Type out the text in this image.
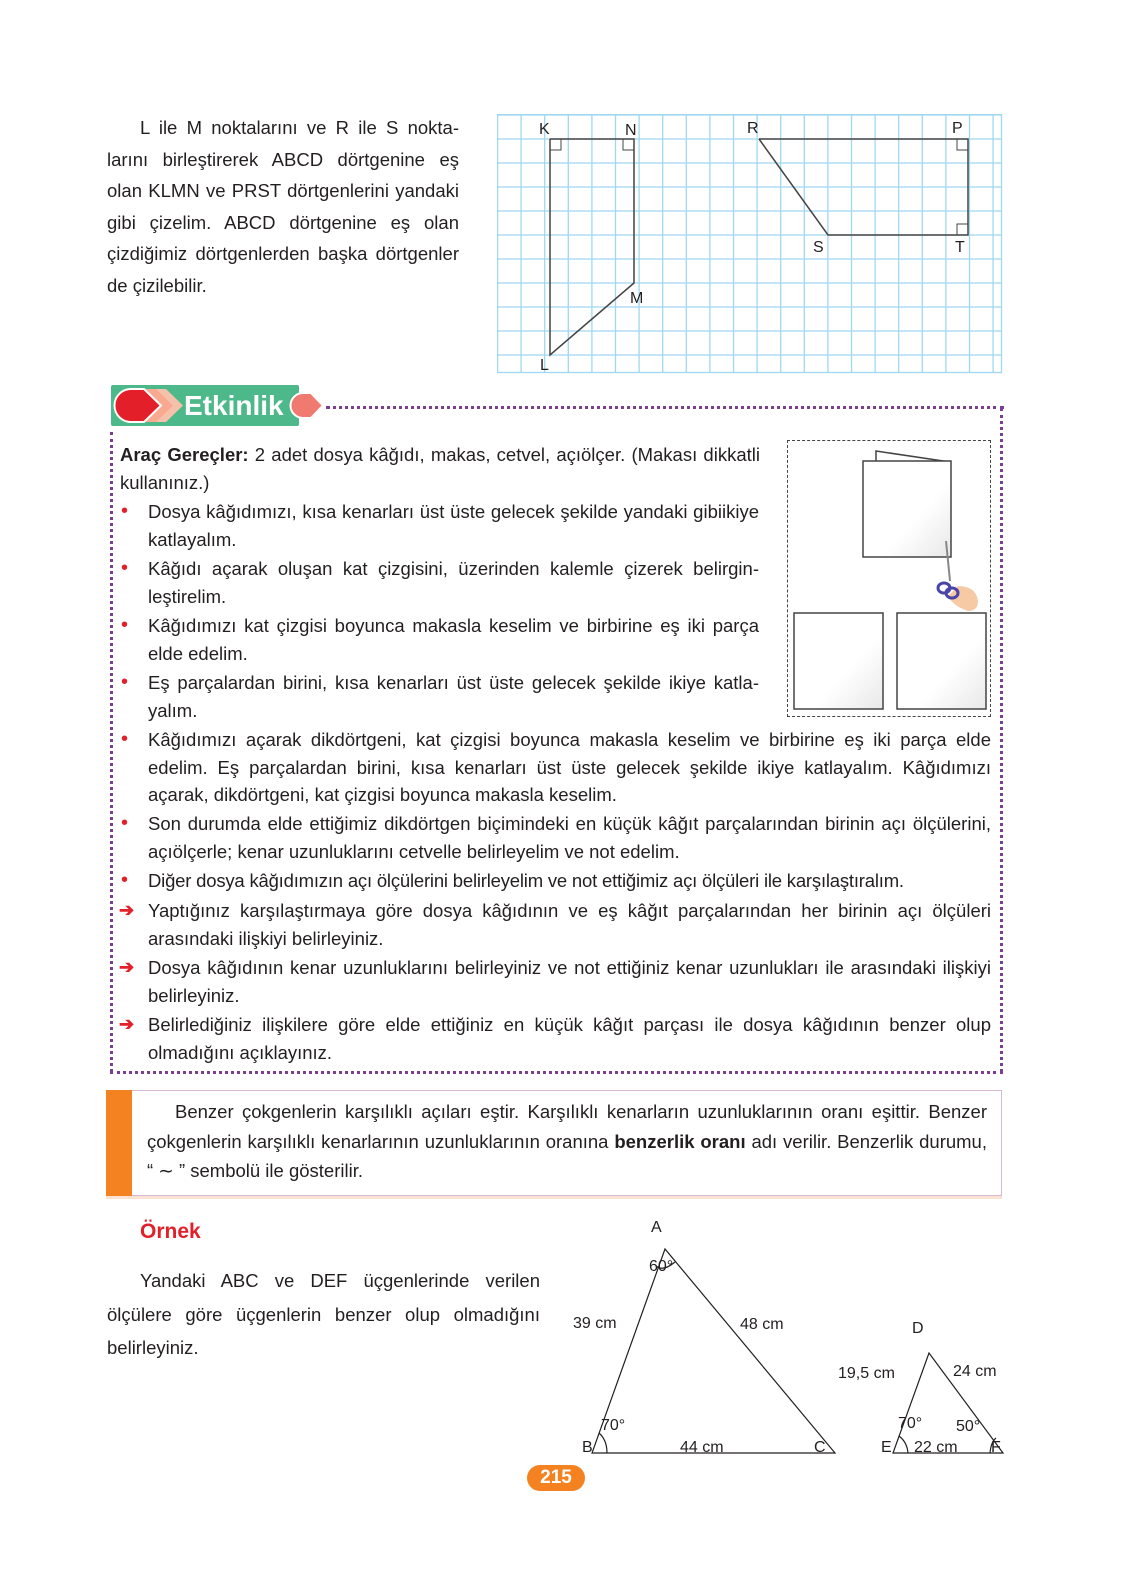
L ile M noktalarını ve R ile S noktalarını birleştirerek ABCD dörtgenine eş olan KLMN ve PRST dörtgenlerini yandaki gibi çizelim. ABCD dörtgenine eş olan çizdiğimiz dörtgenlerden başka dörtgenler de çizilebilir.
K	N
M
L
R	P
S	T
Etkinlik
Araç Gereçler: 2 adet dosya kâğıdı, makas, cetvel, açıölçer. (Makası dikkatli kullanınız.)
• Dosya kâğıdımızı, kısa kenarları üst üste gelecek şekilde yandaki gibiikiye katlayalım.
• Kâğıdı açarak oluşan kat çizgisini, üzerinden kalemle çizerek belirginleştirelim.
• Kâğıdımızı kat çizgisi boyunca makasla keselim ve birbirine eş iki parça elde edelim.
• Eş parçalardan birini, kısa kenarları üst üste gelecek şekilde ikiye katlayalım.
• Kâğıdımızı açarak dikdörtgeni, kat çizgisi boyunca makasla keselim ve birbirine eş iki parça elde edelim. Eş parçalardan birini, kısa kenarları üst üste gelecek şekilde ikiye katlayalım. Kâğıdımızı açarak, dikdörtgeni, kat çizgisi boyunca makasla keselim.
• Son durumda elde ettiğimiz dikdörtgen biçimindeki en küçük kâğıt parçalarından birinin açı ölçülerini, açıölçerle; kenar uzunluklarını cetvelle belirleyelim ve not edelim.
• Diğer dosya kâğıdımızın açı ölçülerini belirleyelim ve not ettiğimiz açı ölçüleri ile karşılaştıralım.
➔ Yaptığınız karşılaştırmaya göre dosya kâğıdının ve eş kâğıt parçalarından her birinin açı ölçüleri arasındaki ilişkiyi belirleyiniz.
➔ Dosya kâğıdının kenar uzunluklarını belirleyiniz ve not ettiğiniz kenar uzunlukları ile arasındaki ilişkiyi belirleyiniz.
➔ Belirlediğiniz ilişkilere göre elde ettiğiniz en küçük kâğıt parçası ile dosya kâğıdının benzer olup olmadığını açıklayınız.
Benzer çokgenlerin karşılıklı açıları eştir. Karşılıklı kenarların uzunluklarının oranı eşittir. Benzer çokgenlerin karşılıklı kenarlarının uzunluklarının oranına benzerlik oranı adı verilir. Benzerlik durumu, “ ∼ ” sembolü ile gösterilir.
Örnek
Yandaki ABC ve DEF üçgenlerinde verilen ölçülere göre üçgenlerin benzer olup olmadığını belirleyiniz.
A
B	C
60°
70°
39 cm	48 cm
44 cm
D
E	F
70° 50°
19,5 cm	24 cm
22 cm
215
